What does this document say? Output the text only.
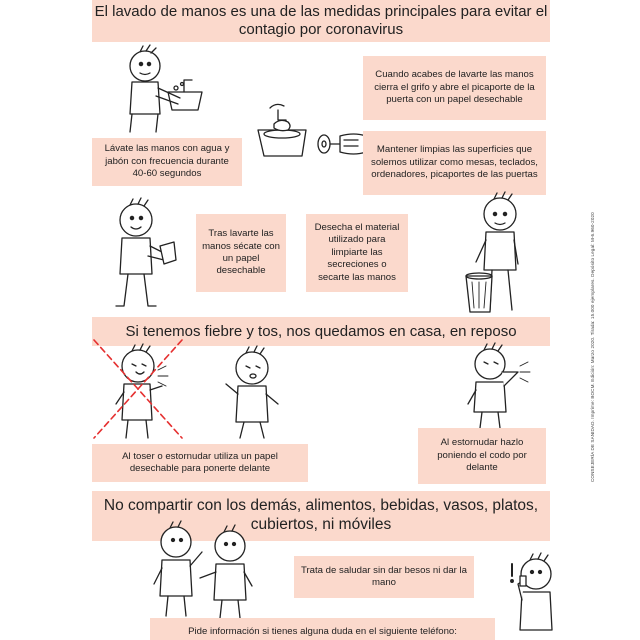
El lavado de manos es una de las medidas principales para evitar el contagio por coronavirus
Lávate las manos con agua y jabón con frecuencia durante 40-60 segundos
Cuando acabes de lavarte las manos cierra el grifo y abre el picaporte de la puerta con un papel desechable
Mantener limpias las superficies que solemos utilizar como mesas, teclados, ordenadores, picaportes de las puertas
Tras lavarte las manos sécate con un papel desechable
Desecha el material utilizado para limpiarte las secreciones o secarte las manos
Si tenemos fiebre y tos, nos quedamos en casa, en reposo
Al toser o estornudar utiliza un papel desechable para ponerte delante
Al estornudar hazlo poniendo el codo por delante
No compartir con los demás, alimentos, bebidas, vasos, platos, cubiertos, ni móviles
Trata de saludar sin dar besos ni dar la mano
Pide información si tienes alguna duda en el siguiente teléfono:
CONSEJERÍA DE SANIDAD. Imprime: BOCM. Edición: Marzo 2020. Tirada: 15.000 ejemplares. Depósito Legal: M-6.960-2020
